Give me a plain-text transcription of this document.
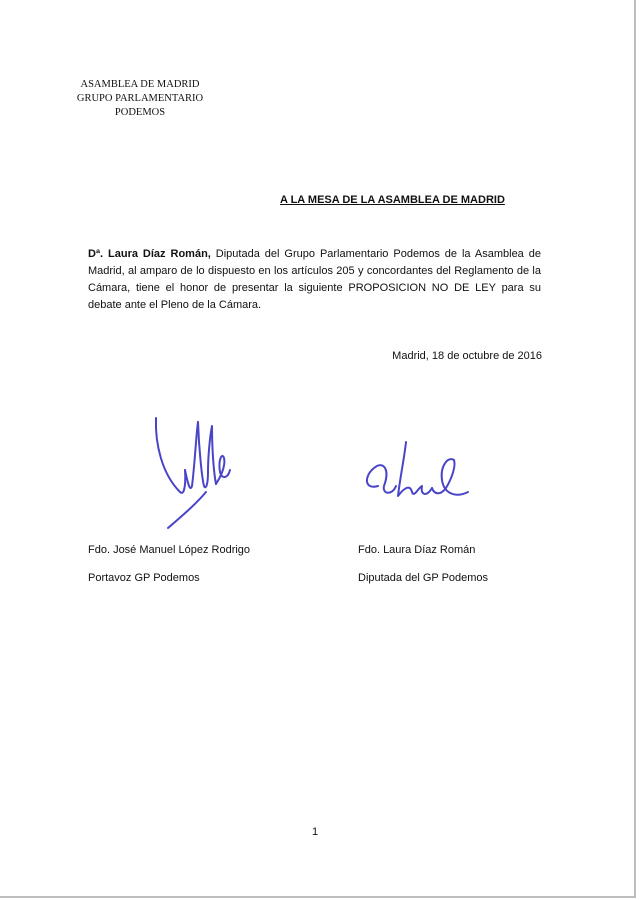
ASAMBLEA DE MADRID
GRUPO PARLAMENTARIO
PODEMOS
A LA MESA DE LA ASAMBLEA DE MADRID
Dª. Laura Díaz Román, Diputada del Grupo Parlamentario Podemos de la Asamblea de Madrid, al amparo de lo dispuesto en los artículos 205 y concordantes del Reglamento de la Cámara, tiene el honor de presentar la siguiente PROPOSICION NO DE LEY para su debate ante el Pleno de la Cámara.
Madrid, 18 de octubre de 2016
Fdo. José Manuel López Rodrigo
Portavoz GP Podemos
Fdo. Laura Díaz Román
Diputada del GP Podemos
1
